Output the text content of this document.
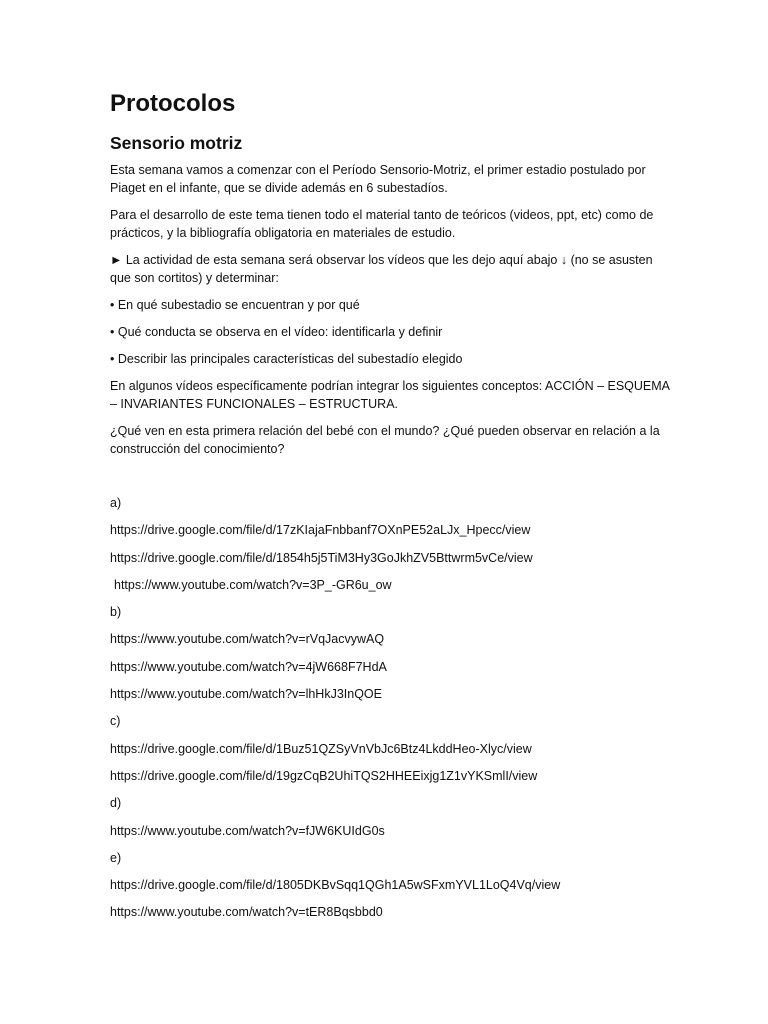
Protocolos
Sensorio motriz

Esta semana vamos a comenzar con el Período Sensorio-Motriz, el primer estadio postulado por Piaget en el infante, que se divide además en 6 subestadíos.

Para el desarrollo de este tema tienen todo el material tanto de teóricos (videos, ppt, etc) como de prácticos, y la bibliografía obligatoria en materiales de estudio.

► La actividad de esta semana será observar los vídeos que les dejo aquí abajo ↓ (no se asusten que son cortitos) y determinar:

• En qué subestadio se encuentran y por qué

• Qué conducta se observa en el vídeo: identificarla y definir

• Describir las principales características del subestadío elegido

En algunos vídeos específicamente podrían integrar los siguientes conceptos: ACCIÓN – ESQUEMA – INVARIANTES FUNCIONALES – ESTRUCTURA.

¿Qué ven en esta primera relación del bebé con el mundo? ¿Qué pueden observar en relación a la construcción del conocimiento?

a)

https://drive.google.com/file/d/17zKIajaFnbbanf7OXnPE52aLJx_Hpecc/view

https://drive.google.com/file/d/1854h5j5TiM3Hy3GoJkhZV5Bttwrm5vCe/view

https://www.youtube.com/watch?v=3P_-GR6u_ow

b)

https://www.youtube.com/watch?v=rVqJacvywAQ

https://www.youtube.com/watch?v=4jW668F7HdA

https://www.youtube.com/watch?v=lhHkJ3InQOE

c)

https://drive.google.com/file/d/1Buz51QZSyVnVbJc6Btz4LkddHeo-Xlyc/view

https://drive.google.com/file/d/19gzCqB2UhiTQS2HHEEixjg1Z1vYKSmlI/view

d)

https://www.youtube.com/watch?v=fJW6KUIdG0s

e)

https://drive.google.com/file/d/1805DKBvSqq1QGh1A5wSFxmYVL1LoQ4Vq/view

https://www.youtube.com/watch?v=tER8Bqsbbd0
